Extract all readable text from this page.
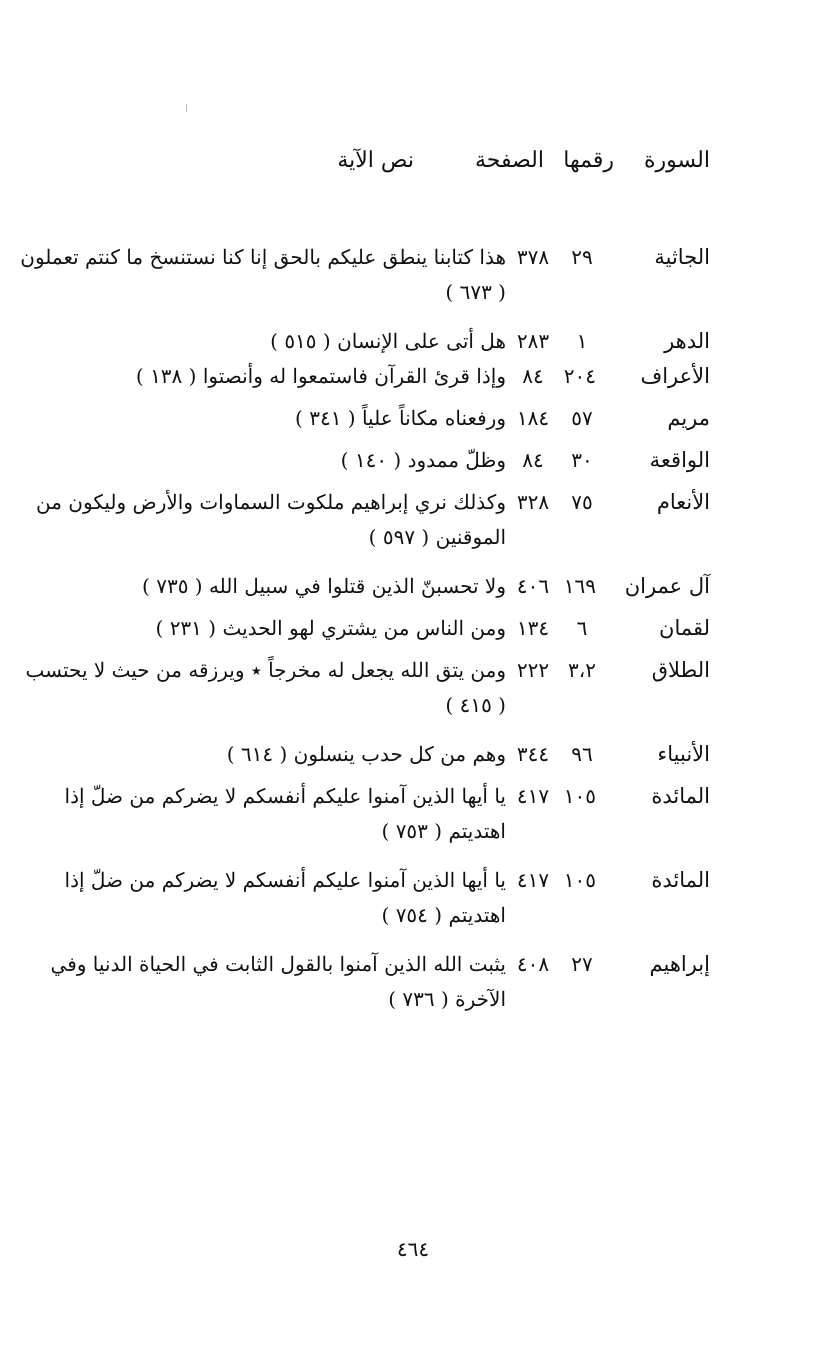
السورة
رقمها
الصفحة
نص الآية
الجاثية
٢٩
٣٧٨
هذا كتابنا ينطق عليكم بالحق إنا كنا نستنسخ ما كنتم تعملون ( ٦٧٣ )
الدهر
١
٢٨٣
هل أتى على الإنسان ( ٥١٥ )
الأعراف
٢٠٤
٨٤
وإذا قرئ القرآن فاستمعوا له وأنصتوا ( ١٣٨ )
مريم
٥٧
١٨٤
ورفعناه مكاناً علياً ( ٣٤١ )
الواقعة
٣٠
٨٤
وظلّ ممدود ( ١٤٠ )
الأنعام
٧٥
٣٢٨
وكذلك نري إبراهيم ملكوت السماوات والأرض وليكون من الموقنين ( ٥٩٧ )
آل عمران
١٦٩
٤٠٦
ولا تحسبنّ الذين قتلوا في سبيل الله ( ٧٣٥ )
لقمان
٦
١٣٤
ومن الناس من يشتري لهو الحديث ( ٢٣١ )
الطلاق
٣،٢
٢٢٢
ومن يتق الله يجعل له مخرجاً ٭ ويرزقه من حيث لا يحتسب ( ٤١٥ )
الأنبياء
٩٦
٣٤٤
وهم من كل حدب ينسلون ( ٦١٤ )
المائدة
١٠٥
٤١٧
يا أيها الذين آمنوا عليكم أنفسكم لا يضركم من ضلّ إذا اهتديتم ( ٧٥٣ )
المائدة
١٠٥
٤١٧
يا أيها الذين آمنوا عليكم أنفسكم لا يضركم من ضلّ إذا اهتديتم ( ٧٥٤ )
إبراهيم
٢٧
٤٠٨
يثبت الله الذين آمنوا بالقول الثابت في الحياة الدنيا وفي الآخرة ( ٧٣٦ )
٤٦٤
